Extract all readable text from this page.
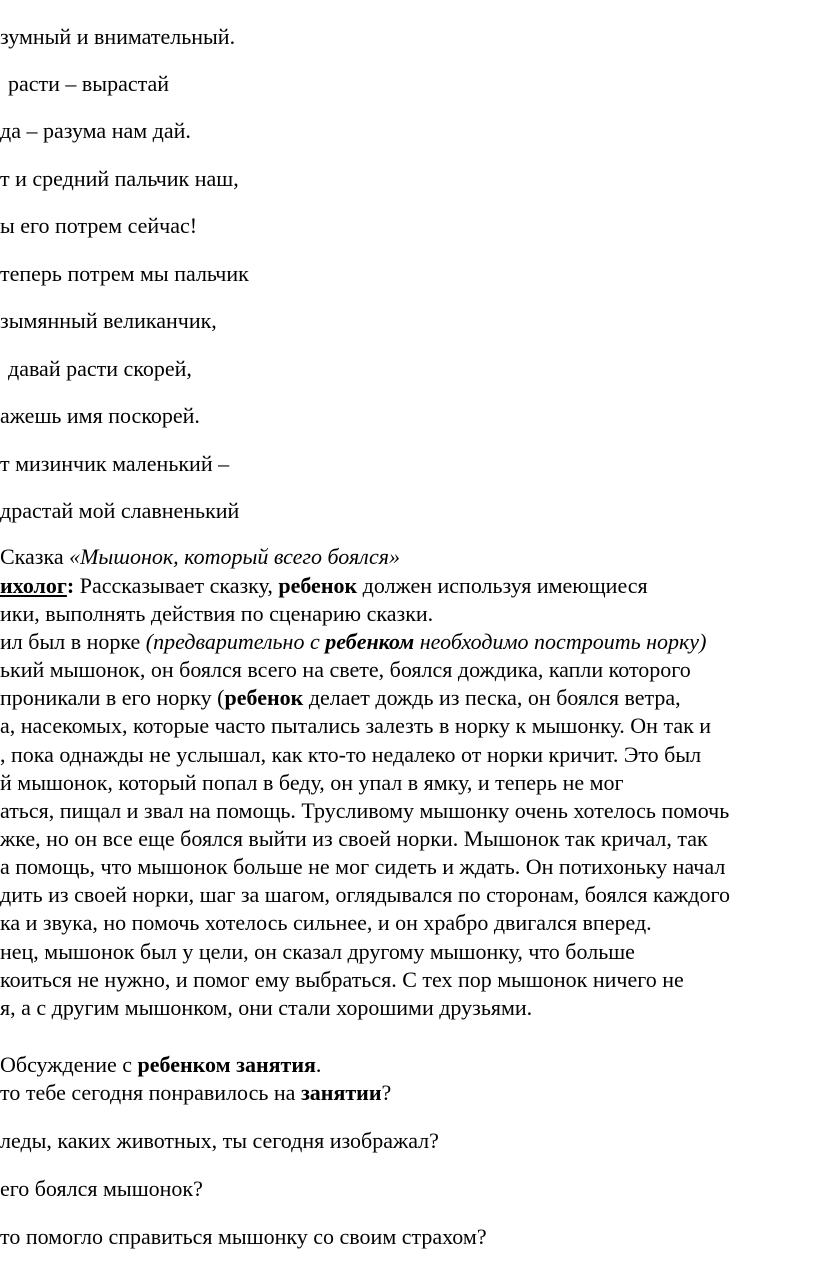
зумный и внимательный.

расти – вырастай

да – разума нам дай.

т и средний пальчик наш,

ы его потрем сейчас!

теперь потрем мы пальчик

зымянный великанчик,

давай расти скорей,

ажешь имя поскорей.

т мизинчик маленький –

драстай мой славненький

Сказка «Мышонок, который всего боялся»

ихолог: Рассказывает сказку, ребенок должен используя имеющиеся

ики, выполнять действия по сценарию сказки.

ил был в норке (предварительно с ребенком необходимо построить норку)

ький мышонок, он боялся всего на свете, боялся дождика, капли которого

проникали в его норку (ребенок делает дождь из песка, он боялся ветра,

а, насекомых, которые часто пытались залезть в норку к мышонку. Он так и

, пока однажды не услышал, как кто-то недалеко от норки кричит. Это был

й мышонок, который попал в беду, он упал в ямку, и теперь не мог

аться, пищал и звал на помощь. Трусливому мышонку очень хотелось помочь

жке, но он все еще боялся выйти из своей норки. Мышонок так кричал, так

а помощь, что мышонок больше не мог сидеть и ждать. Он потихоньку начал

дить из своей норки, шаг за шагом, оглядывался по сторонам, боялся каждого

ка и звука, но помочь хотелось сильнее, и он храбро двигался вперед.

нец, мышонок был у цели, он сказал другому мышонку, что больше

коиться не нужно, и помог ему выбраться. С тех пор мышонок ничего не

я, а с другим мышонком, они стали хорошими друзьями.

Обсуждение с ребенком занятия.

то тебе сегодня понравилось на занятии?

леды, каких животных, ты сегодня изображал?

его боялся мышонок?

то помогло справиться мышонку со своим страхом?
